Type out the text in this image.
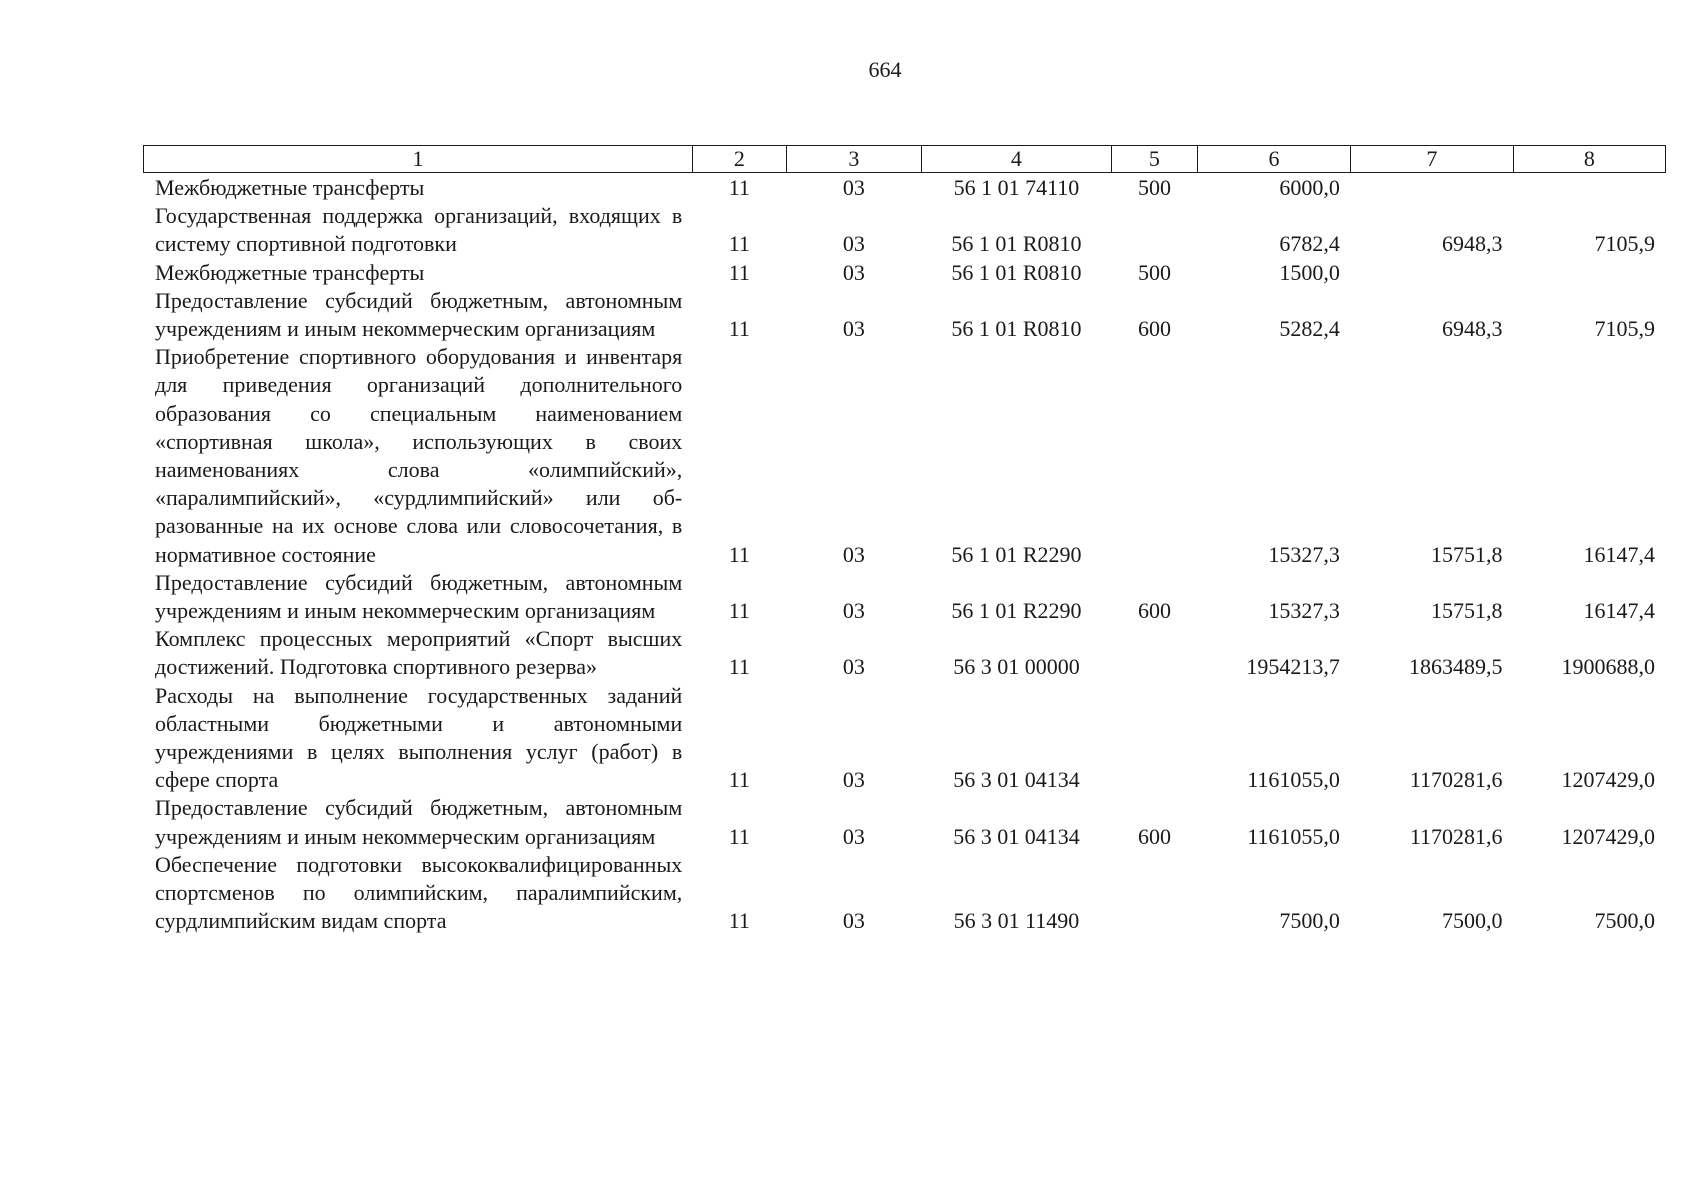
664
1	2	3	4	5	6	7	8
Межбюджетные трансферты	11	03	56 1 01 74110	500	6000,0		
Государственная поддержка организаций, входящих в систему спортивной подготовки	11	03	56 1 01 R0810		6782,4	6948,3	7105,9
Межбюджетные трансферты	11	03	56 1 01 R0810	500	1500,0		
Предоставление субсидий бюджетным, автономным учреждениям и иным некоммерческим организациям	11	03	56 1 01 R0810	600	5282,4	6948,3	7105,9
Приобретение спортивного оборудования и инвентаря для приведения организаций дополнительного образования со специальным наименованием «спортивная школа», использующих в своих наименованиях слова «олимпийский», «паралимпийский», «сурдлимпийский» или образованные на их основе слова или словосочетания, в нормативное состояние	11	03	56 1 01 R2290		15327,3	15751,8	16147,4
Предоставление субсидий бюджетным, автономным учреждениям и иным некоммерческим организациям	11	03	56 1 01 R2290	600	15327,3	15751,8	16147,4
Комплекс процессных мероприятий «Спорт высших достижений. Подготовка спортивного резерва»	11	03	56 3 01 00000		1954213,7	1863489,5	1900688,0
Расходы на выполнение государственных заданий областными бюджетными и автономными учреждениями в целях выполнения услуг (работ) в сфере спорта	11	03	56 3 01 04134		1161055,0	1170281,6	1207429,0
Предоставление субсидий бюджетным, автономным учреждениям и иным некоммерческим организациям	11	03	56 3 01 04134	600	1161055,0	1170281,6	1207429,0
Обеспечение подготовки высококвалифицированных спортсменов по олимпийским, паралимпийским, сурдлимпийским видам спорта	11	03	56 3 01 11490		7500,0	7500,0	7500,0
